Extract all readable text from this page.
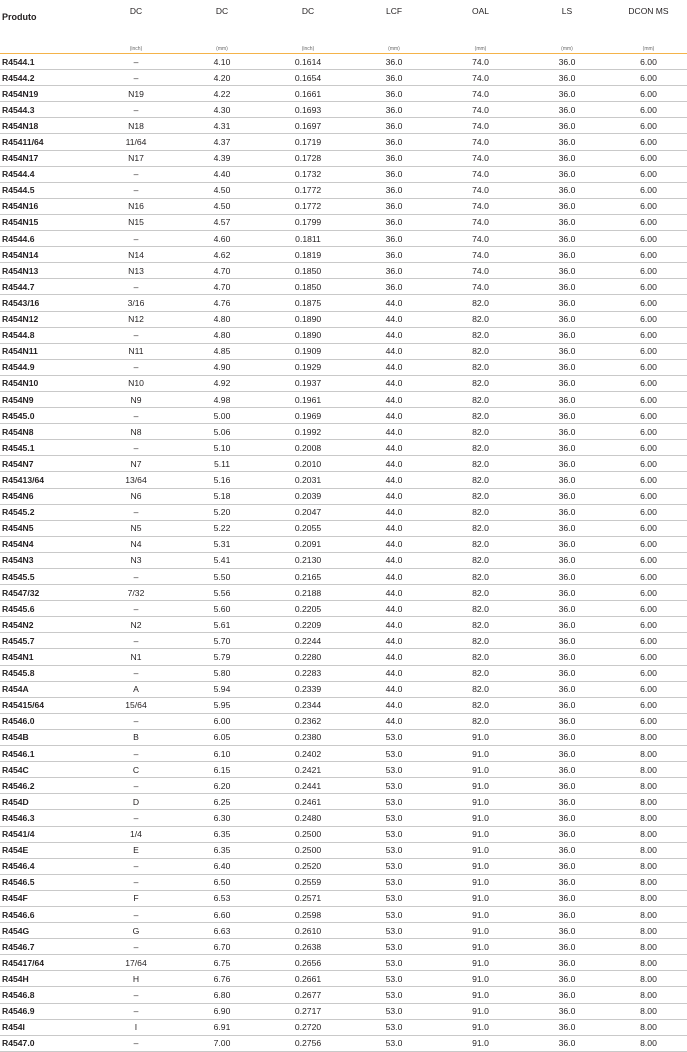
Produto	DC	DC	DC	LCF	OAL	LS	DCON MS
	(inch)	(mm)	(inch)	(mm)	(mm)	(mm)	(mm)
R4544.1	–	4.10	0.1614	36.0	74.0	36.0	6.00
R4544.2	–	4.20	0.1654	36.0	74.0	36.0	6.00
R454N19	N19	4.22	0.1661	36.0	74.0	36.0	6.00
R4544.3	–	4.30	0.1693	36.0	74.0	36.0	6.00
R454N18	N18	4.31	0.1697	36.0	74.0	36.0	6.00
R45411/64	11/64	4.37	0.1719	36.0	74.0	36.0	6.00
R454N17	N17	4.39	0.1728	36.0	74.0	36.0	6.00
R4544.4	–	4.40	0.1732	36.0	74.0	36.0	6.00
R4544.5	–	4.50	0.1772	36.0	74.0	36.0	6.00
R454N16	N16	4.50	0.1772	36.0	74.0	36.0	6.00
R454N15	N15	4.57	0.1799	36.0	74.0	36.0	6.00
R4544.6	–	4.60	0.1811	36.0	74.0	36.0	6.00
R454N14	N14	4.62	0.1819	36.0	74.0	36.0	6.00
R454N13	N13	4.70	0.1850	36.0	74.0	36.0	6.00
R4544.7	–	4.70	0.1850	36.0	74.0	36.0	6.00
R4543/16	3/16	4.76	0.1875	44.0	82.0	36.0	6.00
R454N12	N12	4.80	0.1890	44.0	82.0	36.0	6.00
R4544.8	–	4.80	0.1890	44.0	82.0	36.0	6.00
R454N11	N11	4.85	0.1909	44.0	82.0	36.0	6.00
R4544.9	–	4.90	0.1929	44.0	82.0	36.0	6.00
R454N10	N10	4.92	0.1937	44.0	82.0	36.0	6.00
R454N9	N9	4.98	0.1961	44.0	82.0	36.0	6.00
R4545.0	–	5.00	0.1969	44.0	82.0	36.0	6.00
R454N8	N8	5.06	0.1992	44.0	82.0	36.0	6.00
R4545.1	–	5.10	0.2008	44.0	82.0	36.0	6.00
R454N7	N7	5.11	0.2010	44.0	82.0	36.0	6.00
R45413/64	13/64	5.16	0.2031	44.0	82.0	36.0	6.00
R454N6	N6	5.18	0.2039	44.0	82.0	36.0	6.00
R4545.2	–	5.20	0.2047	44.0	82.0	36.0	6.00
R454N5	N5	5.22	0.2055	44.0	82.0	36.0	6.00
R454N4	N4	5.31	0.2091	44.0	82.0	36.0	6.00
R454N3	N3	5.41	0.2130	44.0	82.0	36.0	6.00
R4545.5	–	5.50	0.2165	44.0	82.0	36.0	6.00
R4547/32	7/32	5.56	0.2188	44.0	82.0	36.0	6.00
R4545.6	–	5.60	0.2205	44.0	82.0	36.0	6.00
R454N2	N2	5.61	0.2209	44.0	82.0	36.0	6.00
R4545.7	–	5.70	0.2244	44.0	82.0	36.0	6.00
R454N1	N1	5.79	0.2280	44.0	82.0	36.0	6.00
R4545.8	–	5.80	0.2283	44.0	82.0	36.0	6.00
R454A	A	5.94	0.2339	44.0	82.0	36.0	6.00
R45415/64	15/64	5.95	0.2344	44.0	82.0	36.0	6.00
R4546.0	–	6.00	0.2362	44.0	82.0	36.0	6.00
R454B	B	6.05	0.2380	53.0	91.0	36.0	8.00
R4546.1	–	6.10	0.2402	53.0	91.0	36.0	8.00
R454C	C	6.15	0.2421	53.0	91.0	36.0	8.00
R4546.2	–	6.20	0.2441	53.0	91.0	36.0	8.00
R454D	D	6.25	0.2461	53.0	91.0	36.0	8.00
R4546.3	–	6.30	0.2480	53.0	91.0	36.0	8.00
R4541/4	1/4	6.35	0.2500	53.0	91.0	36.0	8.00
R454E	E	6.35	0.2500	53.0	91.0	36.0	8.00
R4546.4	–	6.40	0.2520	53.0	91.0	36.0	8.00
R4546.5	–	6.50	0.2559	53.0	91.0	36.0	8.00
R454F	F	6.53	0.2571	53.0	91.0	36.0	8.00
R4546.6	–	6.60	0.2598	53.0	91.0	36.0	8.00
R454G	G	6.63	0.2610	53.0	91.0	36.0	8.00
R4546.7	–	6.70	0.2638	53.0	91.0	36.0	8.00
R45417/64	17/64	6.75	0.2656	53.0	91.0	36.0	8.00
R454H	H	6.76	0.2661	53.0	91.0	36.0	8.00
R4546.8	–	6.80	0.2677	53.0	91.0	36.0	8.00
R4546.9	–	6.90	0.2717	53.0	91.0	36.0	8.00
R454I	I	6.91	0.2720	53.0	91.0	36.0	8.00
R4547.0	–	7.00	0.2756	53.0	91.0	36.0	8.00
